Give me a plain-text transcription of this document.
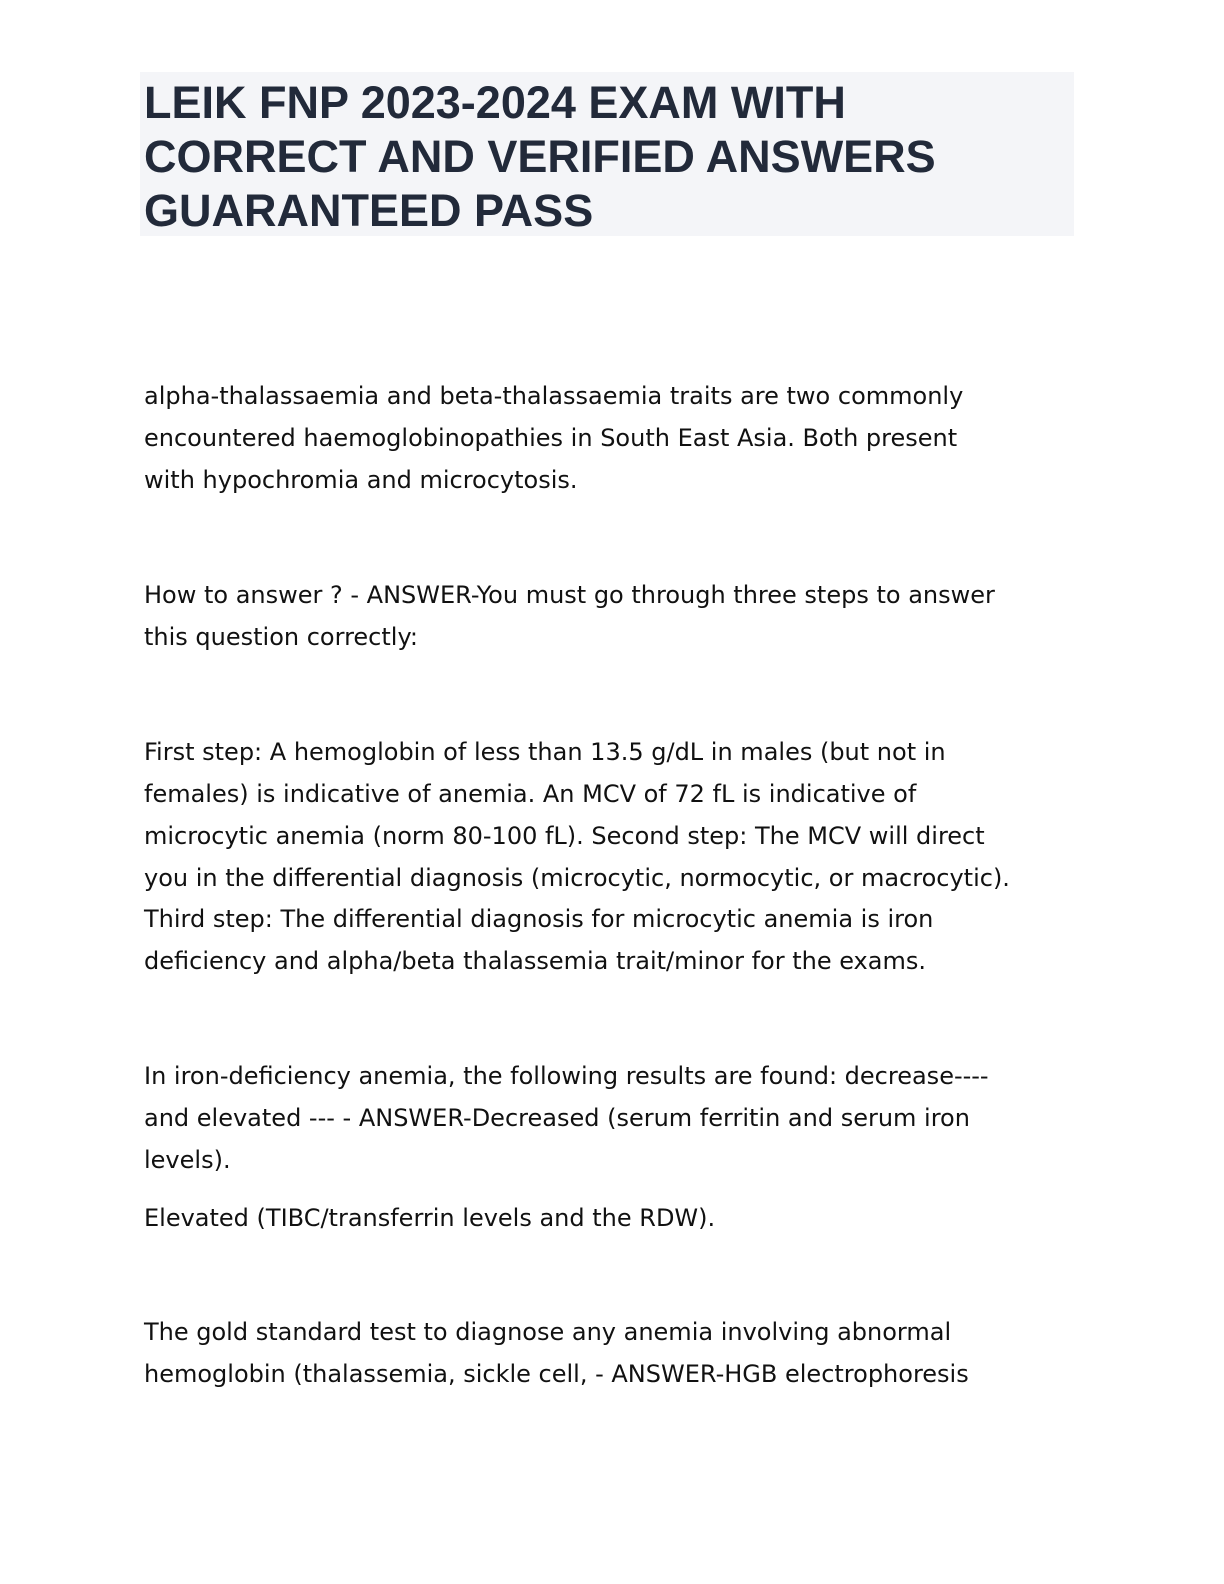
LEIK FNP 2023-2024 EXAM WITH
CORRECT AND VERIFIED ANSWERS
GUARANTEED PASS

alpha-thalassaemia and beta-thalassaemia traits are two commonly

encountered haemoglobinopathies in South East Asia. Both present

with hypochromia and microcytosis.

How to answer ? - ANSWER-You must go through three steps to answer

this question correctly:

First step: A hemoglobin of less than 13.5 g/dL in males (but not in

females) is indicative of anemia. An MCV of 72 fL is indicative of

microcytic anemia (norm 80-100 fL). Second step: The MCV will direct

you in the differential diagnosis (microcytic, normocytic, or macrocytic).

Third step: The differential diagnosis for microcytic anemia is iron

deficiency and alpha/beta thalassemia trait/minor for the exams.

In iron-deficiency anemia, the following results are found: decrease----

and elevated --- - ANSWER-Decreased (serum ferritin and serum iron

levels).

Elevated (TIBC/transferrin levels and the RDW).

The gold standard test to diagnose any anemia involving abnormal

hemoglobin (thalassemia, sickle cell, - ANSWER-HGB electrophoresis
